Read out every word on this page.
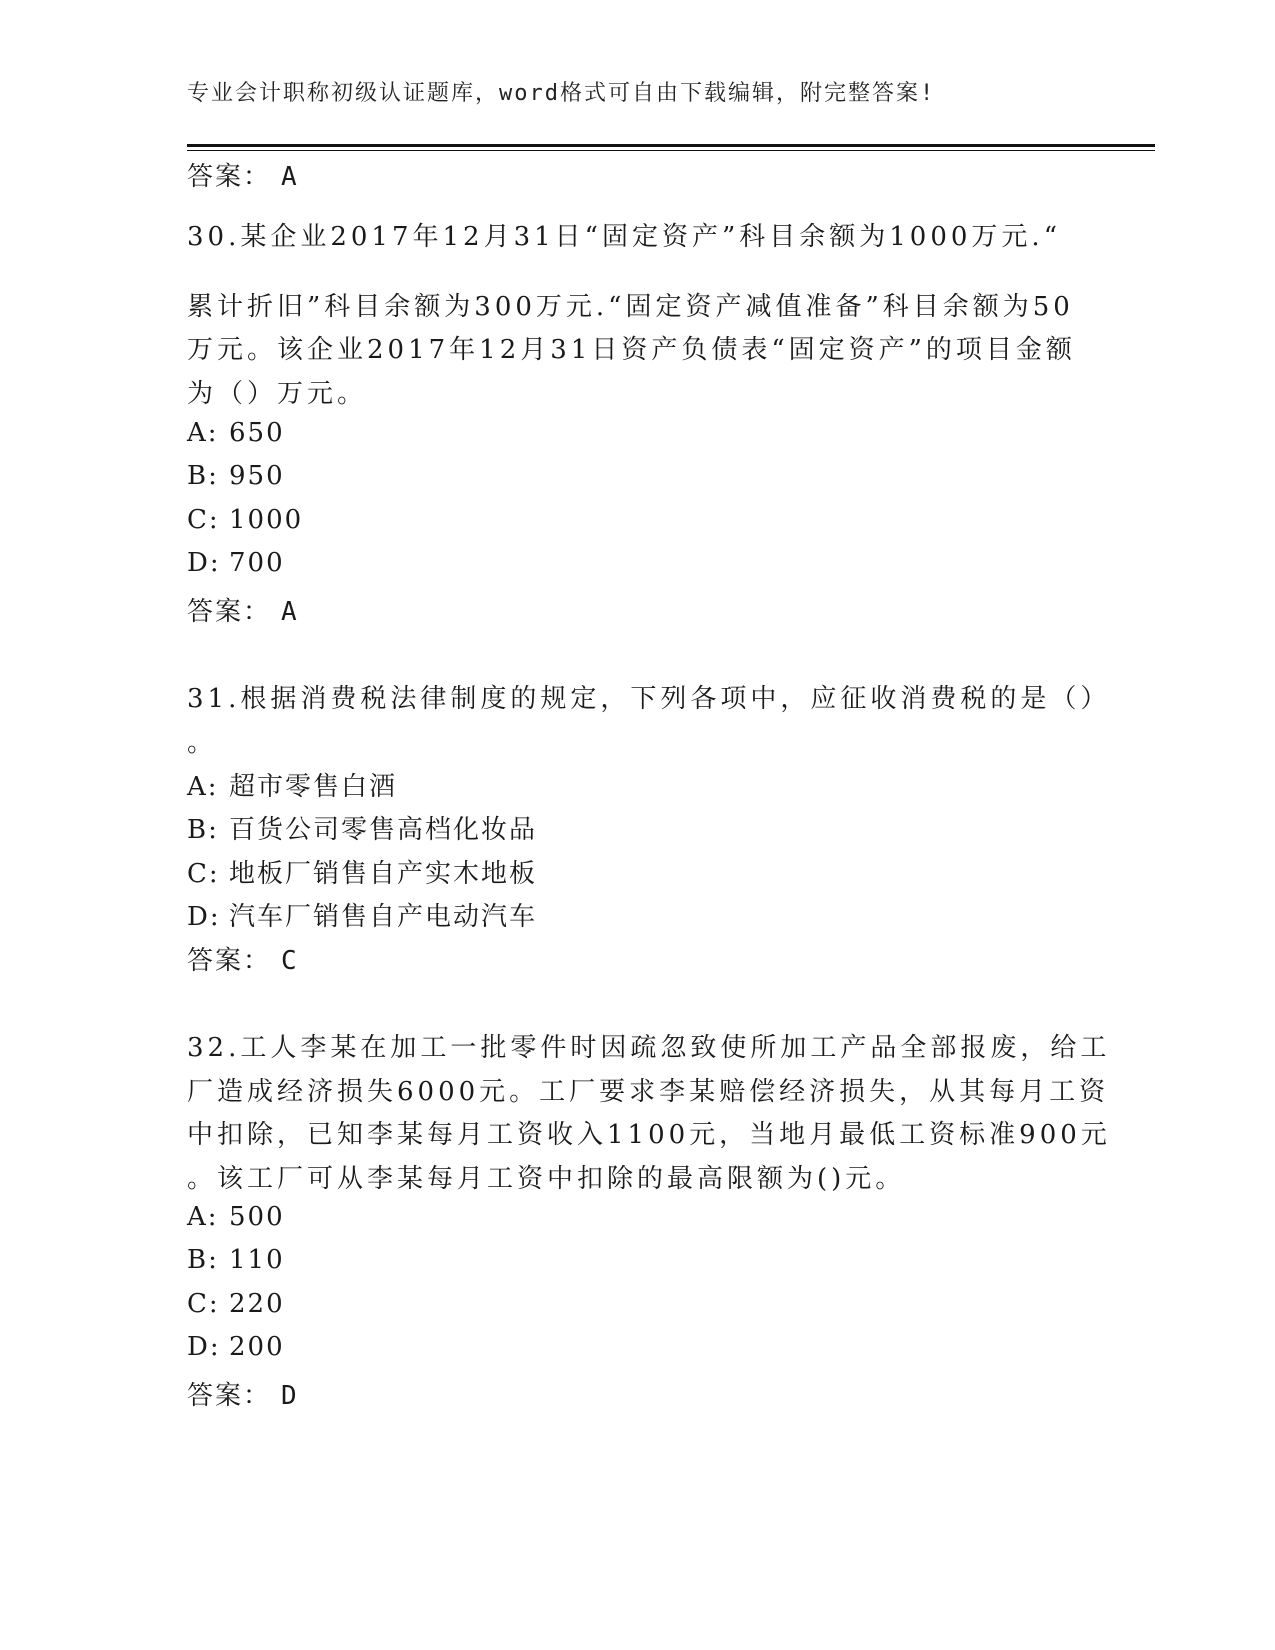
专业会计职称初级认证题库，word格式可自由下载编辑，附完整答案!
答案： A
30.某企业2017年12月31日“固定资产”科目余额为1000万元.“
累计折旧”科目余额为300万元.“固定资产减值准备”科目余额为50
万元。该企业2017年12月31日资产负债表“固定资产”的项目金额
为（）万元。
A: 650
B: 950
C: 1000
D: 700
答案： A
31.根据消费税法律制度的规定，下列各项中，应征收消费税的是（）
。
A: 超市零售白酒
B: 百货公司零售高档化妆品
C: 地板厂销售自产实木地板
D: 汽车厂销售自产电动汽车
答案： C
32.工人李某在加工一批零件时因疏忽致使所加工产品全部报废，给工
厂造成经济损失6000元。工厂要求李某赔偿经济损失，从其每月工资
中扣除，已知李某每月工资收入1100元，当地月最低工资标准900元
。该工厂可从李某每月工资中扣除的最高限额为()元。
A: 500
B: 110
C: 220
D: 200
答案： D
